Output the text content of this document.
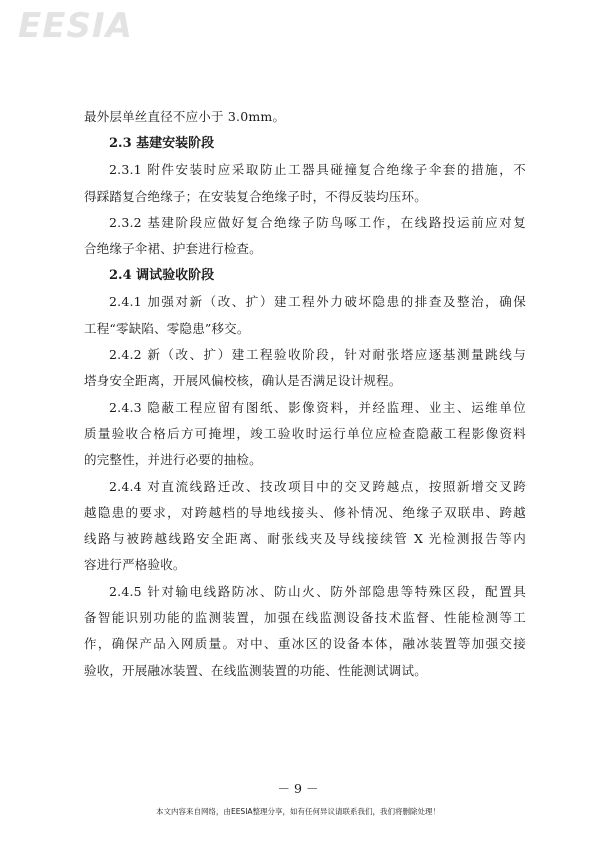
EESIA
最外层单丝直径不应小于 3.0mm。
2.3 基建安装阶段
2.3.1 附件安装时应采取防止工器具碰撞复合绝缘子伞套的措施，不
得踩踏复合绝缘子；在安装复合绝缘子时，不得反装均压环。
2.3.2 基建阶段应做好复合绝缘子防鸟啄工作，在线路投运前应对复
合绝缘子伞裙、护套进行检查。
2.4 调试验收阶段
2.4.1 加强对新（改、扩）建工程外力破坏隐患的排查及整治，确保
工程“零缺陷、零隐患”移交。
2.4.2 新（改、扩）建工程验收阶段，针对耐张塔应逐基测量跳线与
塔身安全距离，开展风偏校核，确认是否满足设计规程。
2.4.3 隐蔽工程应留有图纸、影像资料，并经监理、业主、运维单位
质量验收合格后方可掩埋，竣工验收时运行单位应检查隐蔽工程影像资料
的完整性，并进行必要的抽检。
2.4.4 对直流线路迁改、技改项目中的交叉跨越点，按照新增交叉跨
越隐患的要求，对跨越档的导地线接头、修补情况、绝缘子双联串、跨越
线路与被跨越线路安全距离、耐张线夹及导线接续管 X 光检测报告等内
容进行严格验收。
2.4.5 针对输电线路防冰、防山火、防外部隐患等特殊区段，配置具
备智能识别功能的监测装置，加强在线监测设备技术监督、性能检测等工
作，确保产品入网质量。对中、重冰区的设备本体，融冰装置等加强交接
验收，开展融冰装置、在线监测装置的功能、性能测试调试。
－ 9 －
本文内容来自网络，由EESIA整理分享，如有任何异议请联系我们，我们将删除处理！
